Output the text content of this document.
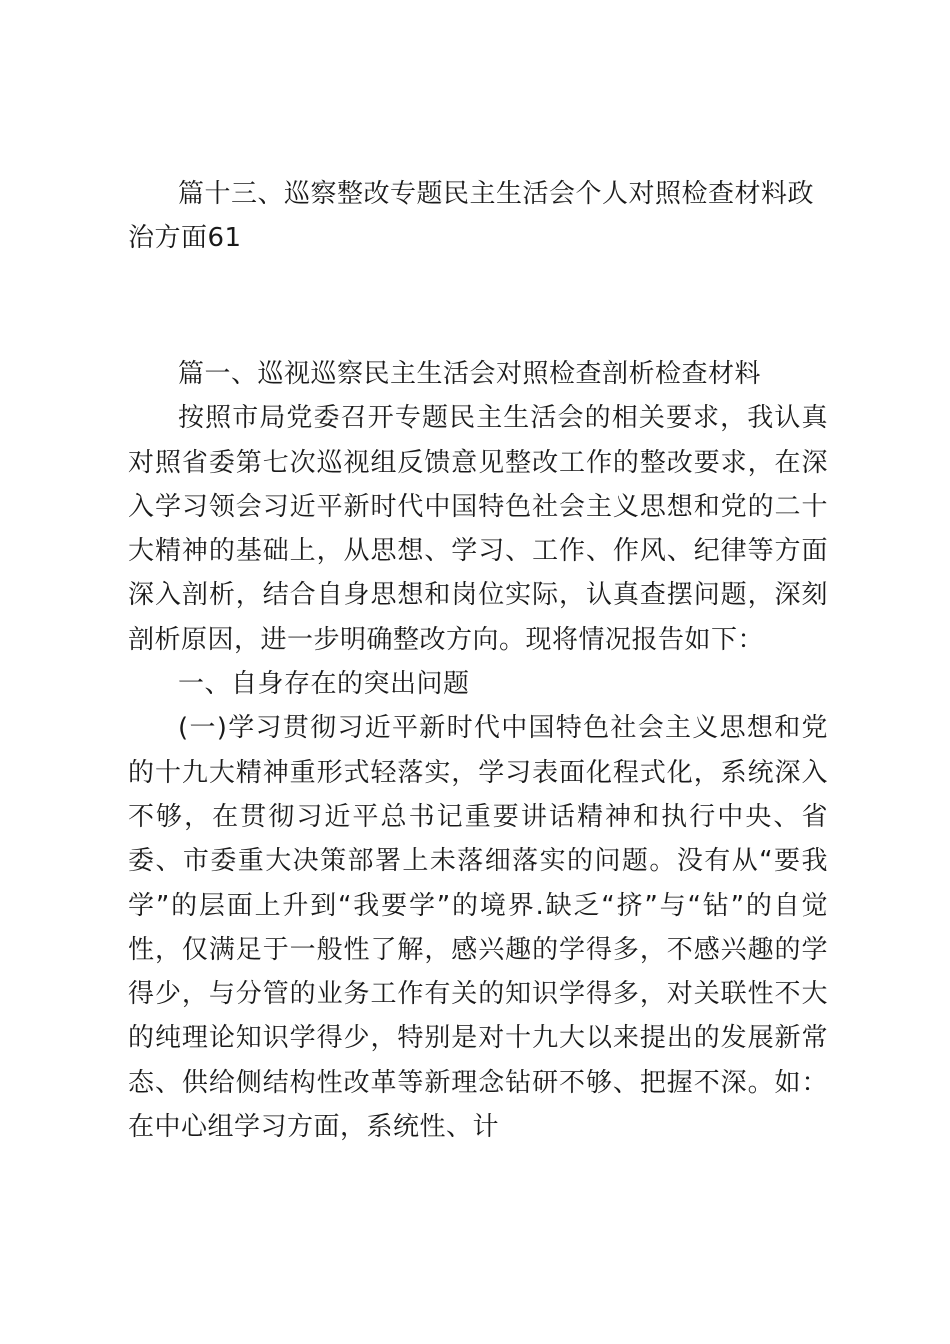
篇十三、巡察整改专题民主生活会个人对照检查材料政治方面61

篇一、巡视巡察民主生活会对照检查剖析检查材料

按照市局党委召开专题民主生活会的相关要求，我认真对照省委第七次巡视组反馈意见整改工作的整改要求，在深入学习领会习近平新时代中国特色社会主义思想和党的二十大精神的基础上，从思想、学习、工作、作风、纪律等方面深入剖析，结合自身思想和岗位实际，认真查摆问题，深刻剖析原因，进一步明确整改方向。现将情况报告如下：

一、自身存在的突出问题

(一)学习贯彻习近平新时代中国特色社会主义思想和党的十九大精神重形式轻落实，学习表面化程式化，系统深入不够，在贯彻习近平总书记重要讲话精神和执行中央、省委、市委重大决策部署上未落细落实的问题。没有从“要我学”的层面上升到“我要学”的境界.缺乏“挤”与“钻”的自觉性，仅满足于一般性了解，感兴趣的学得多，不感兴趣的学得少，与分管的业务工作有关的知识学得多，对关联性不大的纯理论知识学得少，特别是对十九大以来提出的发展新常态、供给侧结构性改革等新理念钻研不够、把握不深。如：在中心组学习方面，系统性、计
